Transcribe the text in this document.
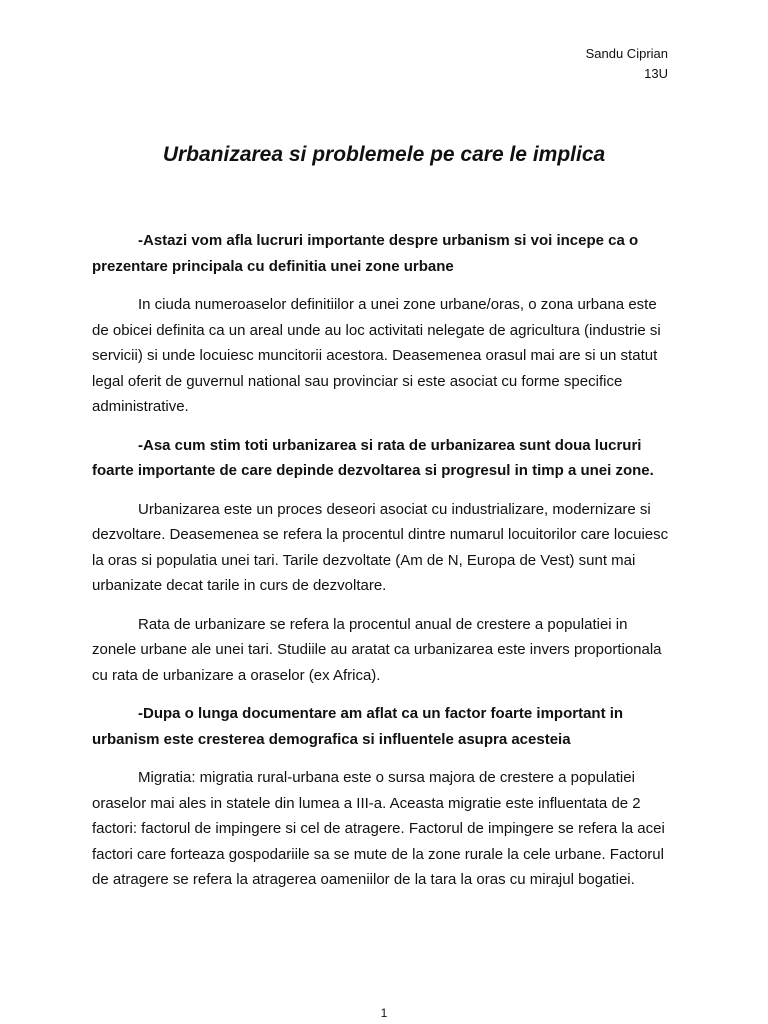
Sandu Ciprian
13U
Urbanizarea si problemele pe care le implica

-Astazi vom afla lucruri importante despre urbanism si voi incepe ca o prezentare principala cu definitia unei zone urbane

In ciuda numeroaselor definitiilor a unei zone urbane/oras, o zona urbana este de obicei definita ca un areal unde au loc activitati nelegate de agricultura (industrie si servicii) si unde locuiesc muncitorii acestora. Deasemenea orasul mai are si un statut legal oferit de guvernul national sau provinciar si este asociat cu forme specifice administrative.

-Asa cum stim toti urbanizarea si rata de urbanizarea sunt doua lucruri foarte importante de care depinde dezvoltarea si progresul in timp a unei zone.

Urbanizarea este un proces deseori asociat cu industrializare, modernizare si dezvoltare. Deasemenea se refera la procentul dintre numarul locuitorilor care locuiesc la oras si populatia unei tari. Tarile dezvoltate (Am de N, Europa de Vest) sunt mai urbanizate decat tarile in curs de dezvoltare.

Rata de urbanizare se refera la procentul anual de crestere a populatiei in zonele urbane ale unei tari. Studiile au aratat ca urbanizarea este invers proportionala cu rata de urbanizare a oraselor (ex Africa).

-Dupa o lunga documentare am aflat ca un factor foarte important in urbanism este cresterea demografica si influentele asupra acesteia

Migratia: migratia rural-urbana este o sursa majora de crestere a populatiei oraselor mai ales in statele din lumea a III-a. Aceasta migratie este influentata de 2 factori: factorul de impingere si cel de atragere. Factorul de impingere se refera la acei factori care forteaza gospodariile sa se mute de la zone rurale la cele urbane. Factorul de atragere se refera la atragerea oameniilor de la tara la oras cu mirajul bogatiei.

1
